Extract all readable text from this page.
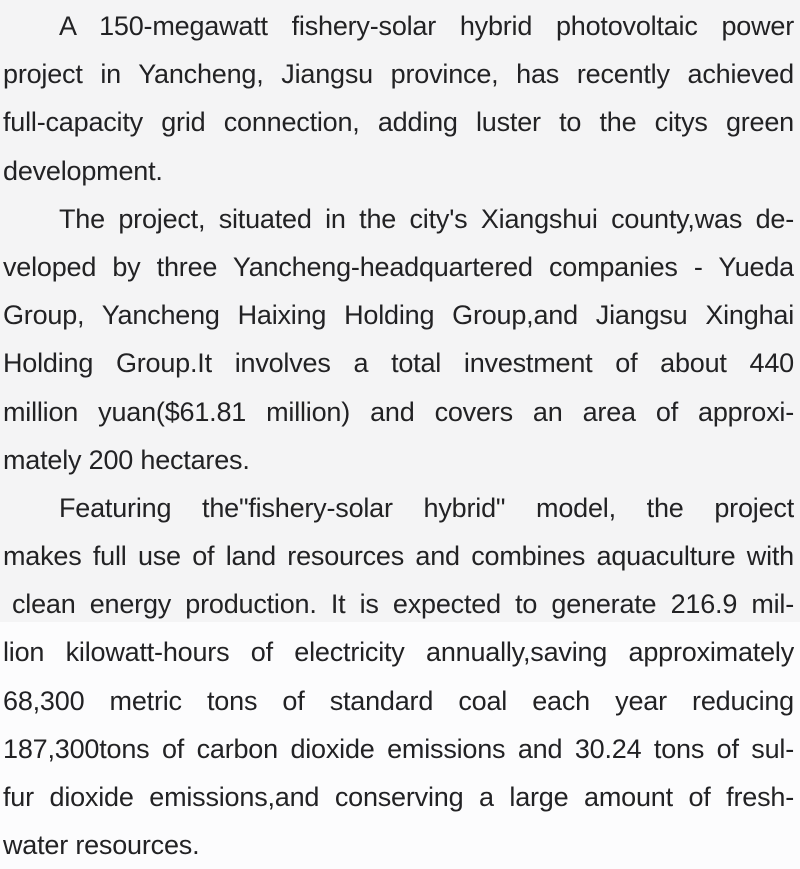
A 150-megawatt fishery-solar hybrid photovoltaic power
project in Yancheng, Jiangsu province, has recently achieved
full-capacity grid connection, adding luster to the citys green
development.
The project, situated in the city's Xiangshui county,was de-
veloped by three Yancheng-headquartered companies - Yueda
Group, Yancheng Haixing Holding Group,and Jiangsu Xinghai
Holding Group.It involves a total investment of about 440
million yuan($61.81 million) and covers an area of approxi-
mately 200 hectares.
Featuring the"fishery-solar hybrid" model, the project
makes full use of land resources and combines aquaculture with
clean energy production. It is expected to generate 216.9 mil-
lion kilowatt-hours of electricity annually,saving approximately
68,300 metric tons of standard coal each year reducing
187,300tons of carbon dioxide emissions and 30.24 tons of sul-
fur dioxide emissions,and conserving a large amount of fresh-
water resources.
